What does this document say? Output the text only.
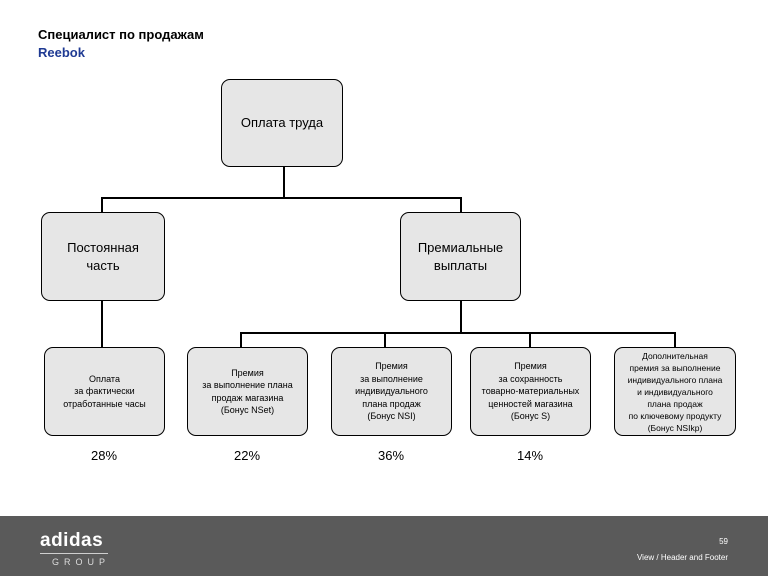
Специалист по продажам
Reebok
Оплата труда
Постоянная
часть
Премиальные
выплаты
Оплата
за фактически
отработанные часы
Премия
за выполнение плана
продаж магазина
(Бонус NSet)
Премия
за выполнение
индивидуального
плана продаж
(Бонус NSI)
Премия
за сохранность
товарно-материальных
ценностей магазина
(Бонус S)
Дополнительная
премия за выполнение
индивидуального плана
и индивидуального
плана продаж
по ключевому продукту
(Бонус NSIkp)
28%	22%	36%	14%
adidas
GROUP
59
View / Header and Footer
